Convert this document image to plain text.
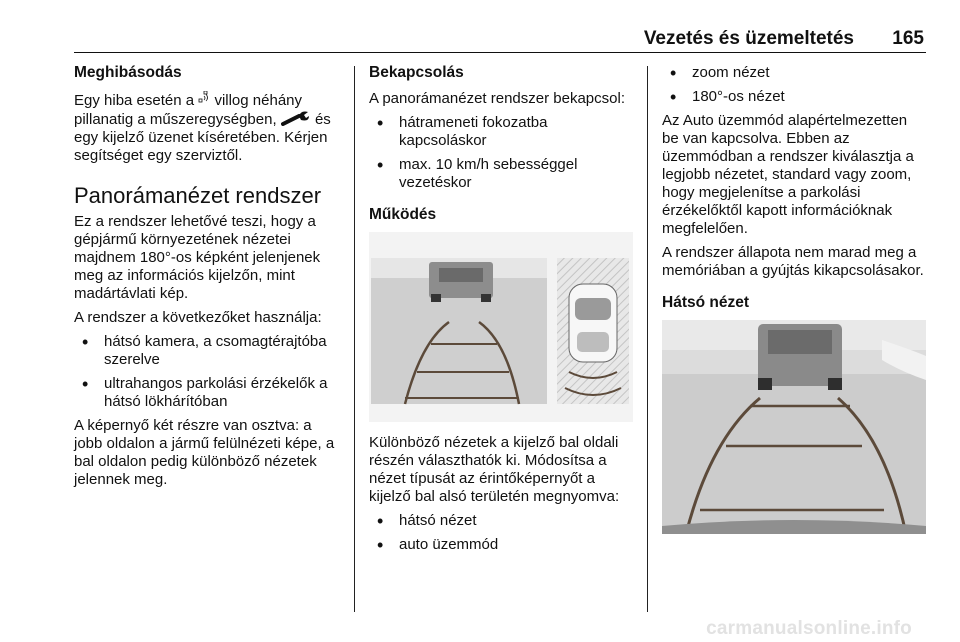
Vezetés és üzemeltetés 165
Meghibásodás

Egy hiba esetén a villog néhány pillanatig a műszeregységben,	és egy kijelző üzenet kíséretében. Kérjen segítséget egy szerviztől.

Panorámanézet rendszer

Ez a rendszer lehetővé teszi, hogy a gépjármű környezetének nézetei majdnem 180°-os képként jelenjenek meg az információs kijelzőn, mint madártávlati kép.

A rendszer a következőket használja:

• hátsó kamera, a csomagtérajtóba szerelve
• ultrahangos parkolási érzékelők a hátsó lökhárítóban

A képernyő két részre van osztva: a jobb oldalon a jármű felülnézeti képe, a bal oldalon pedig különböző nézetek jelennek meg.

Bekapcsolás

A panorámanézet rendszer bekapcsol:

• hátrameneti fokozatba kapcsoláskor
• max. 10 km/h sebességgel vezetéskor
Működés

Különböző nézetek a kijelző bal oldali részén választhatók ki. Módosítsa a nézet típusát az érintőképernyőt a kijelző bal alsó területén megnyomva:

• hátsó nézet
• auto üzemmód
• zoom nézet
• 180°-os nézet

Az Auto üzemmód alapértelmezetten be van kapcsolva. Ebben az üzemmódban a rendszer kiválasztja a legjobb nézetet, standard vagy zoom, hogy megjelenítse a parkolási érzékelőktől kapott információknak megfelelően.

A rendszer állapota nem marad meg a memóriában a gyújtás kikapcsolásakor.

Hátsó nézet
carmanualsonline.info
